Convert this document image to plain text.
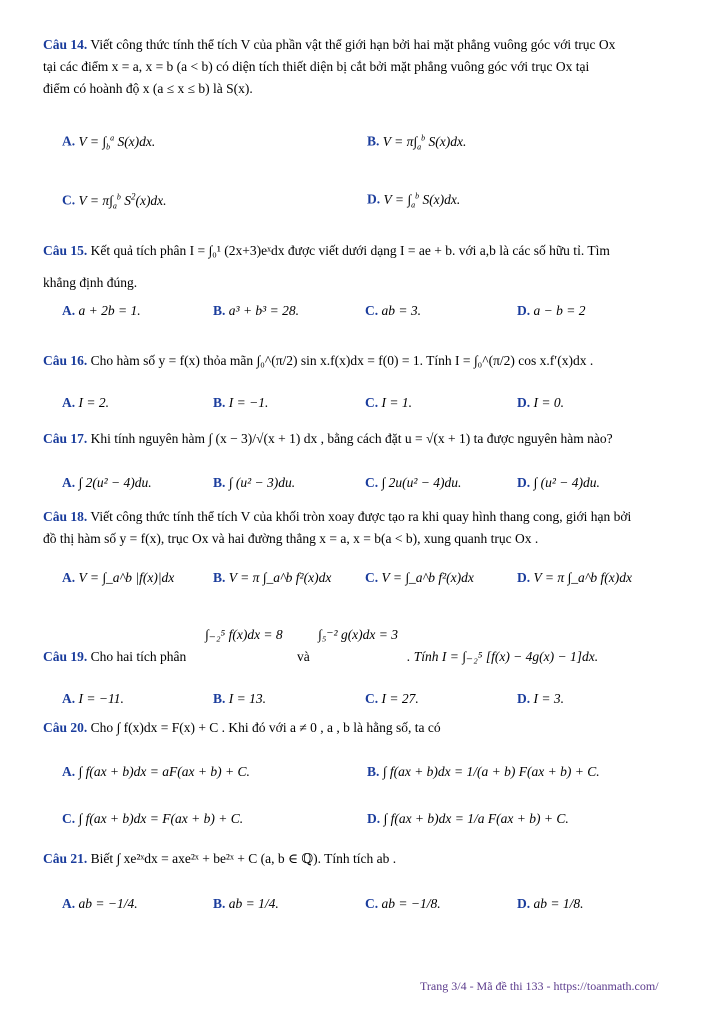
Câu 14. Viết công thức tính thể tích V của phần vật thể giới hạn bởi hai mặt phẳng vuông góc với trục Ox
tại các điểm x = a, x = b (a < b) có diện tích thiết diện bị cắt bởi mặt phẳng vuông góc với trục Ox tại
điểm có hoành độ x (a ≤ x ≤ b) là S(x).
A. $V = \int_b^a$ S(x)dx.	B. $V = \pi\int_a^b$ S(x)dx.
C. $V = \pi\int_a^b$ $S^2(x)dx$.	D. $V = \int_a^b$ S(x)dx.
Câu 15. Kết quả tích phân I = ∫₀¹ (2x+3)eˣdx được viết dưới dạng I = ae + b. với a,b là các số hữu tỉ. Tìm
khẳng định đúng.
A. a + 2b = 1.	B. a³ + b³ = 28.	C. ab = 3.	D. a − b = 2
Câu 16. Cho hàm số y = f(x) thỏa mãn ∫₀^(π/2) sin x.f(x)dx = f(0) = 1. Tính I = ∫₀^(π/2) cos x.f′(x)dx .
A. I = 2.	B. I = −1.	C. I = 1.	D. I = 0.
Câu 17. Khi tính nguyên hàm ∫ (x − 3)/√(x + 1) dx , bằng cách đặt u = √(x + 1) ta được nguyên hàm nào?
A. ∫ 2(u² − 4)du.	B. ∫ (u² − 3)du.	C. ∫ 2u(u² − 4)du.	D. ∫ (u² − 4)du.
Câu 18. Viết công thức tính thể tích V của khối tròn xoay được tạo ra khi quay hình thang cong, giới hạn bởi
đồ thị hàm số y = f(x), trục Ox và hai đường thẳng x = a, x = b(a < b), xung quanh trục Ox .
A. V = ∫_a^b |f(x)|dx	B. V = π ∫_a^b f²(x)dx C. V = ∫_a^b f²(x)dx	D. V = π ∫_a^b f(x)dx
∫₋₂⁵ f(x)dx = 8	∫₅⁻² g(x)dx = 3
Câu 19. Cho hai tích phân	và	. Tính I = ∫₋₂⁵ [f(x) − 4g(x) − 1]dx.
A. I = −11.	B. I = 13.	C. I = 27.	D. I = 3.
Câu 20. Cho ∫ f(x)dx = F(x) + C . Khi đó với a ≠ 0 , a , b là hằng số, ta có
A. ∫ f(ax + b)dx = aF(ax + b) + C.	B. ∫ f(ax + b)dx = 1/(a + b) F(ax + b) + C.
C. ∫ f(ax + b)dx = F(ax + b) + C.	D. ∫ f(ax + b)dx = 1/a F(ax + b) + C.
Câu 21. Biết ∫ xe²ˣdx = axe²ˣ + be²ˣ + C (a, b ∈ ℚ). Tính tích ab .
A. ab = −1/4.	B. ab = 1/4.	C. ab = −1/8.	D. ab = 1/8.
Trang 3/4 - Mã đề thi 133 - https://toanmath.com/
